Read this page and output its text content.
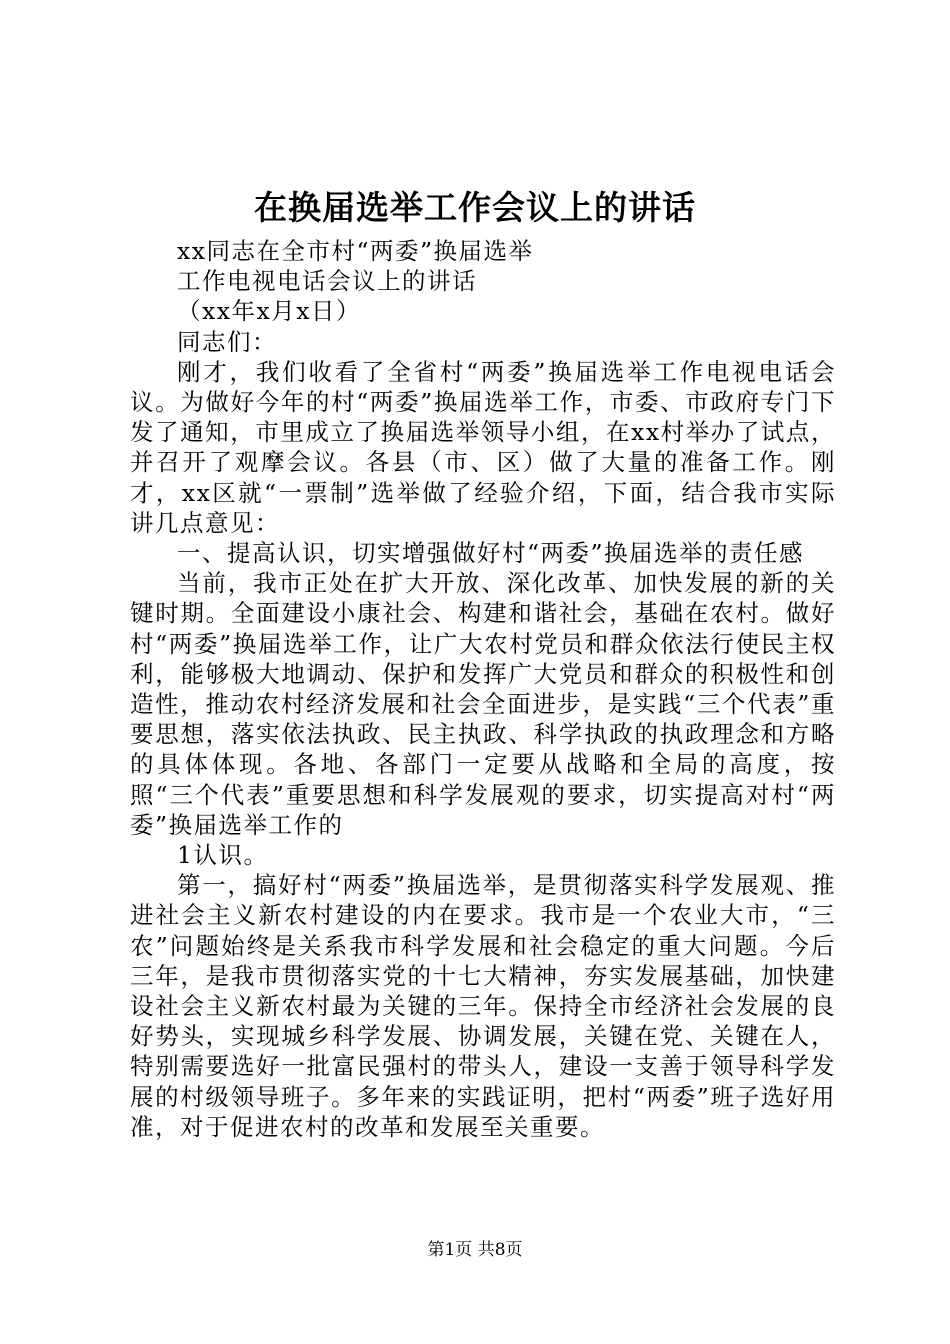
在换届选举工作会议上的讲话

xx同志在全市村“两委”换届选举

工作电视电话会议上的讲话

（xx年x月x日）

同志们：

刚才，我们收看了全省村“两委”换届选举工作电视电话会议。为做好今年的村“两委”换届选举工作，市委、市政府专门下发了通知，市里成立了换届选举领导小组，在xx村举办了试点，并召开了观摩会议。各县（市、区）做了大量的准备工作。刚才，xx区就“一票制”选举做了经验介绍，下面，结合我市实际讲几点意见：

一、提高认识，切实增强做好村“两委”换届选举的责任感

当前，我市正处在扩大开放、深化改革、加快发展的新的关键时期。全面建设小康社会、构建和谐社会，基础在农村。做好村“两委”换届选举工作，让广大农村党员和群众依法行使民主权利，能够极大地调动、保护和发挥广大党员和群众的积极性和创造性，推动农村经济发展和社会全面进步，是实践“三个代表”重要思想，落实依法执政、民主执政、科学执政的执政理念和方略的具体体现。各地、各部门一定要从战略和全局的高度，按照“三个代表”重要思想和科学发展观的要求，切实提高对村“两委”换届选举工作的

1认识。

第一，搞好村“两委”换届选举，是贯彻落实科学发展观、推进社会主义新农村建设的内在要求。我市是一个农业大市，“三农”问题始终是关系我市科学发展和社会稳定的重大问题。今后三年，是我市贯彻落实党的十七大精神，夯实发展基础，加快建设社会主义新农村最为关键的三年。保持全市经济社会发展的良好势头，实现城乡科学发展、协调发展，关键在党、关键在人，特别需要选好一批富民强村的带头人，建设一支善于领导科学发展的村级领导班子。多年来的实践证明，把村“两委”班子选好用准，对于促进农村的改革和发展至关重要。

第1页 共8页
